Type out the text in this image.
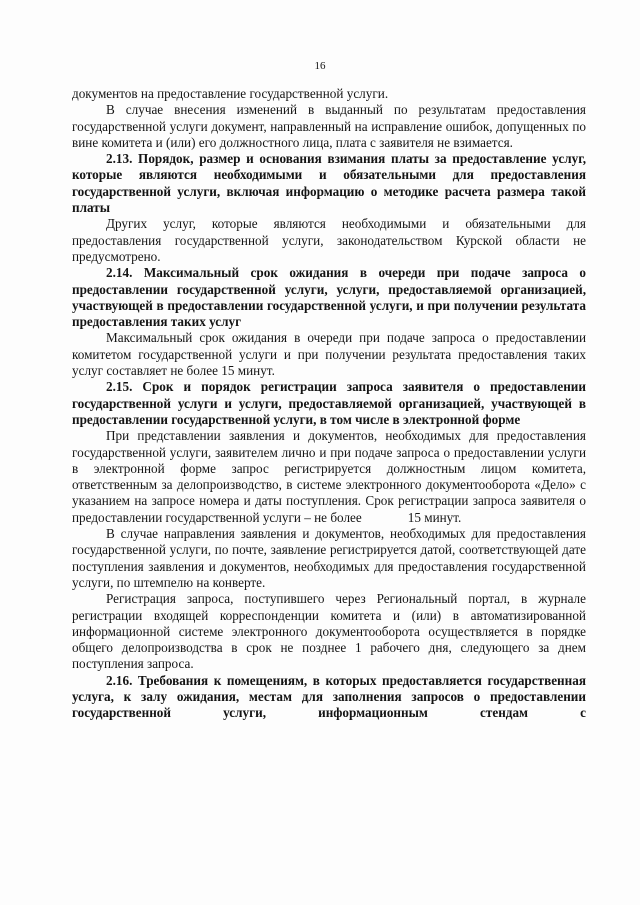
16

документов на предоставление государственной услуги.

В случае внесения изменений в выданный по результатам предоставления государственной услуги документ, направленный на исправление ошибок, допущенных по вине комитета и (или) его должностного лица, плата с заявителя не взимается.

2.13. Порядок, размер и основания взимания платы за предоставление услуг, которые являются необходимыми и обязательными для предоставления государственной услуги, включая информацию о методике расчета размера такой платы

Других услуг, которые являются необходимыми и обязательными для предоставления государственной услуги, законодательством Курской области не предусмотрено.

2.14. Максимальный срок ожидания в очереди при подаче запроса о предоставлении государственной услуги, услуги, предоставляемой организацией, участвующей в предоставлении государственной услуги, и при получении результата предоставления таких услуг

Максимальный срок ожидания в очереди при подаче запроса о предоставлении комитетом государственной услуги и при получении результата предоставления таких услуг составляет не более 15 минут.

2.15. Срок и порядок регистрации запроса заявителя о предоставлении государственной услуги и услуги, предоставляемой организацией, участвующей в предоставлении государственной услуги, в том числе в электронной форме

При представлении заявления и документов, необходимых для предоставления государственной услуги, заявителем лично и при подаче запроса о предоставлении услуги в электронной форме запрос регистрируется должностным лицом комитета, ответственным за делопроизводство, в системе электронного документооборота «Дело» с указанием на запросе номера и даты поступления. Срок регистрации запроса заявителя о предоставлении государственной услуги – не более	15 минут.

В случае направления заявления и документов, необходимых для предоставления государственной услуги, по почте, заявление регистрируется датой, соответствующей дате поступления заявления и документов, необходимых для предоставления государственной услуги, по штемпелю на конверте.

Регистрация запроса, поступившего через Региональный портал, в журнале регистрации входящей корреспонденции комитета и (или) в автоматизированной информационной системе электронного документооборота осуществляется в порядке общего делопроизводства в срок не позднее 1 рабочего дня, следующего за днем поступления запроса.

2.16. Требования к помещениям, в которых предоставляется государственная услуга, к залу ожидания, местам для заполнения запросов о предоставлении государственной услуги, информационным стендам с
